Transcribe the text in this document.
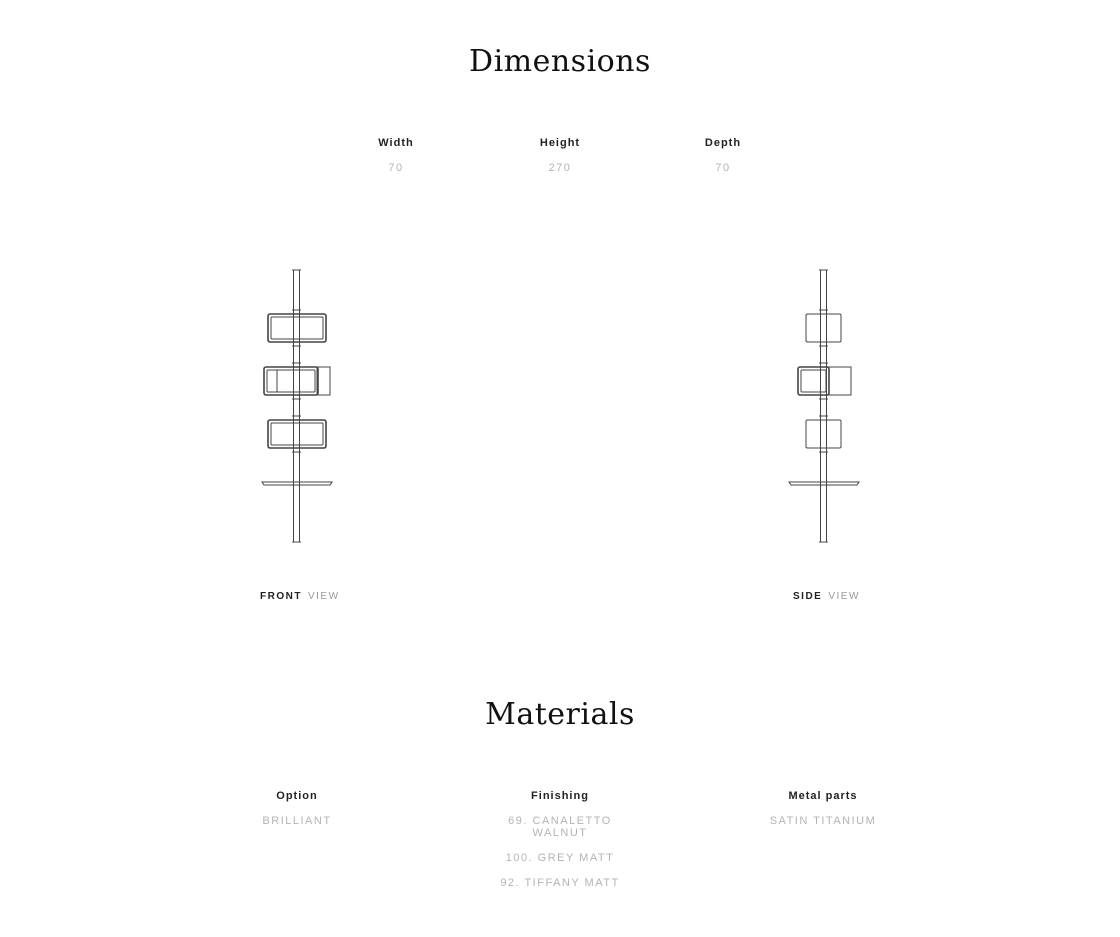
Dimensions
Width
70
Height
270
Depth
70
FRONT VIEW	SIDE VIEW
Materials
Option
BRILLIANT
Finishing
69. CANALETTO WALNUT
100. GREY MATT
92. TIFFANY MATT
Metal parts
SATIN TITANIUM
